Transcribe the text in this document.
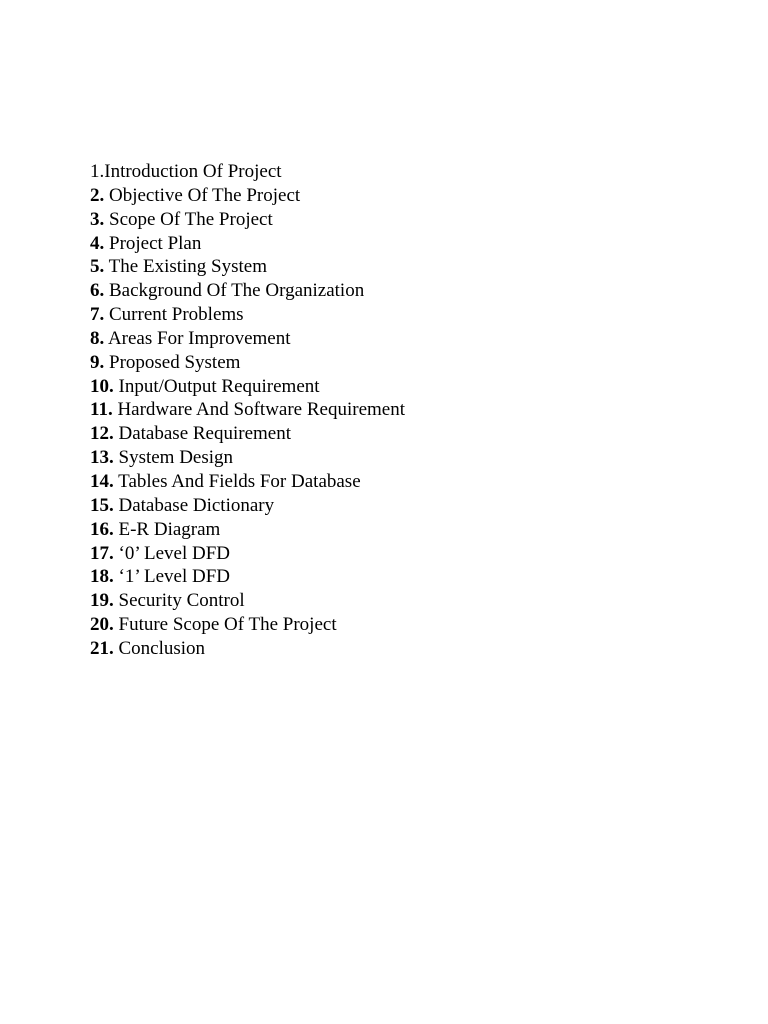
1.Introduction Of Project
2. Objective Of The Project
3. Scope Of The Project
4. Project Plan
5. The Existing System
6. Background Of The Organization
7. Current Problems
8. Areas For Improvement
9. Proposed System
10. Input/Output Requirement
11. Hardware And Software Requirement
12. Database Requirement
13. System Design
14. Tables And Fields For Database
15. Database Dictionary
16. E-R Diagram
17. ‘0’ Level DFD
18. ‘1’ Level DFD
19. Security Control
20. Future Scope Of The Project
21. Conclusion
